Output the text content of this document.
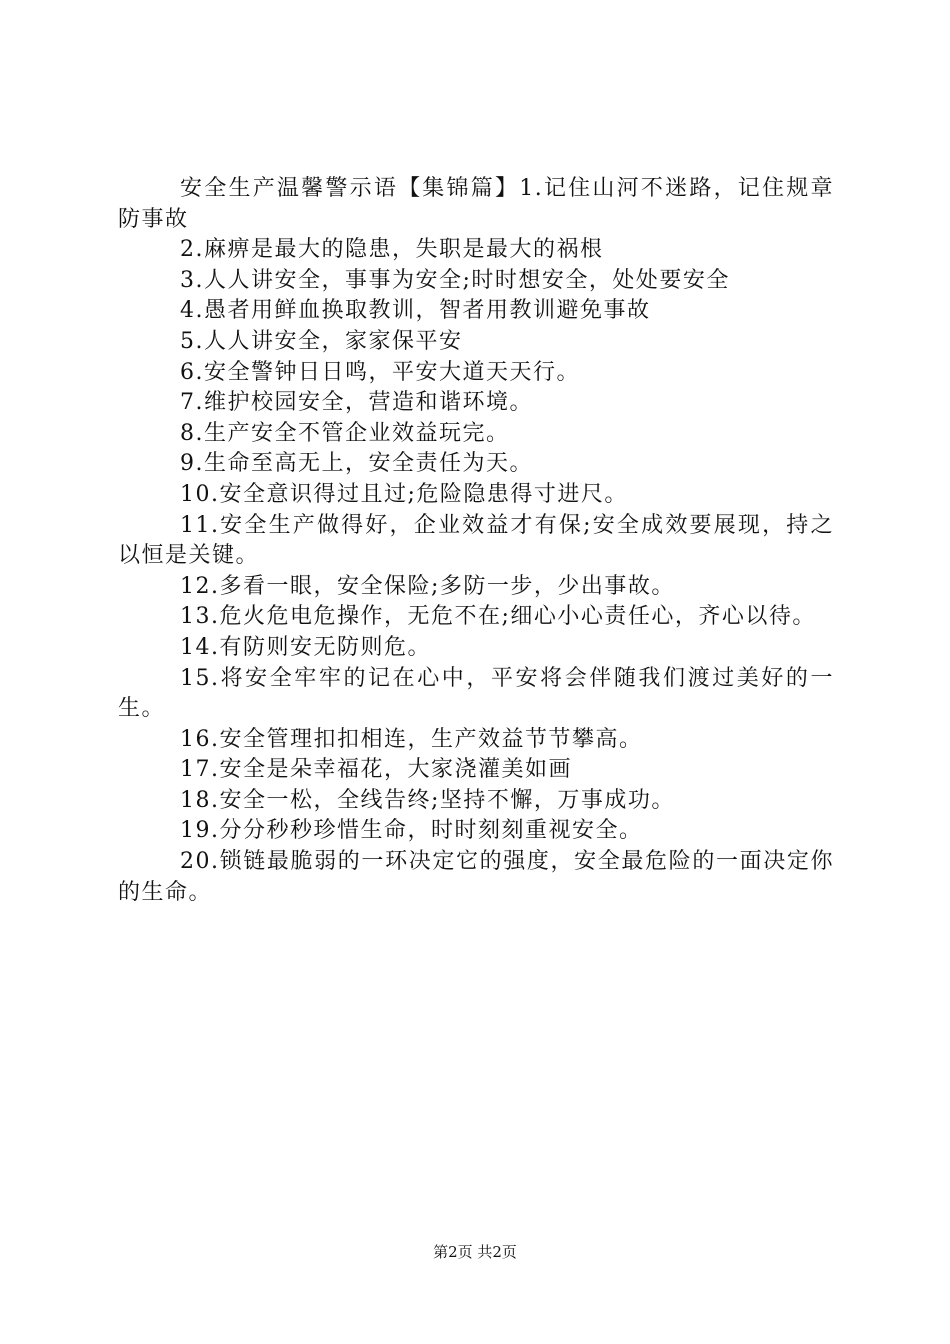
安全生产温馨警示语【集锦篇】1.记住山河不迷路，记住规章防事故

2.麻痹是最大的隐患，失职是最大的祸根

3.人人讲安全，事事为安全;时时想安全，处处要安全

4.愚者用鲜血换取教训，智者用教训避免事故

5.人人讲安全，家家保平安

6.安全警钟日日鸣，平安大道天天行。

7.维护校园安全，营造和谐环境。

8.生产安全不管企业效益玩完。

9.生命至高无上，安全责任为天。

10.安全意识得过且过;危险隐患得寸进尺。

11.安全生产做得好，企业效益才有保;安全成效要展现，持之以恒是关键。

12.多看一眼，安全保险;多防一步，少出事故。

13.危火危电危操作，无危不在;细心小心责任心，齐心以待。

14.有防则安无防则危。

15.将安全牢牢的记在心中，平安将会伴随我们渡过美好的一生。

16.安全管理扣扣相连，生产效益节节攀高。

17.安全是朵幸福花，大家浇灌美如画

18.安全一松，全线告终;坚持不懈，万事成功。

19.分分秒秒珍惜生命，时时刻刻重视安全。

20.锁链最脆弱的一环决定它的强度，安全最危险的一面决定你的生命。

第2页 共2页
